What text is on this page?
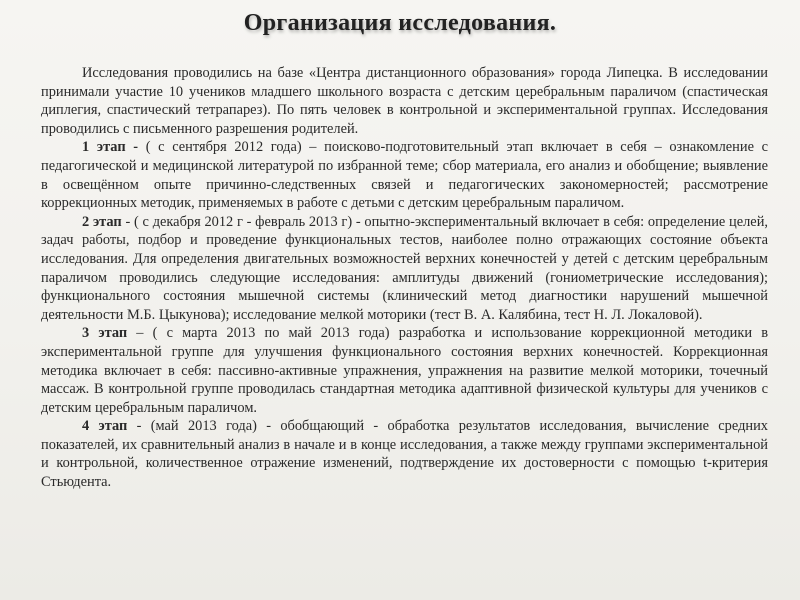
Организация исследования.

Исследования проводились на базе «Центра дистанционного образования» города Липецка. В исследовании принимали участие 10 учеников младшего школьного возраста с детским церебральным параличом (спастическая диплегия, спастический тетрапарез). По пять человек в контрольной и экспериментальной группах. Исследования проводились с письменного разрешения родителей.

1 этап - ( с сентября 2012 года) – поисково-подготовительный этап включает в себя – ознакомление с педагогической и медицинской литературой по избранной теме; сбор материала, его анализ и обобщение; выявление в освещённом опыте причинно-следственных связей и педагогических закономерностей; рассмотрение коррекционных методик, применяемых в работе с детьми с детским церебральным параличом.

2 этап - ( с декабря 2012 г - февраль 2013 г) - опытно-экспериментальный включает в себя: определение целей, задач работы, подбор и проведение функциональных тестов, наиболее полно отражающих состояние объекта исследования. Для определения двигательных возможностей верхних конечностей у детей с детским церебральным параличом проводились следующие исследования: амплитуды движений (гониометрические исследования); функционального состояния мышечной системы (клинический метод диагностики нарушений мышечной деятельности М.Б. Цыкунова); исследование мелкой моторики (тест В. А. Калябина, тест Н. Л. Локаловой).

3 этап – ( с марта 2013 по май 2013 года) разработка и использование коррекционной методики в экспериментальной группе для улучшения функционального состояния верхних конечностей. Коррекционная методика включает в себя: пассивно-активные упражнения, упражнения на развитие мелкой моторики, точечный массаж. В контрольной группе проводилась стандартная методика адаптивной физической культуры для учеников с детским церебральным параличом.

4 этап - (май 2013 года) - обобщающий - обработка результатов исследования, вычисление средних показателей, их сравнительный анализ в начале и в конце исследования, а также между группами экспериментальной и контрольной, количественное отражение изменений, подтверждение их достоверности с помощью t-критерия Стьюдента.
